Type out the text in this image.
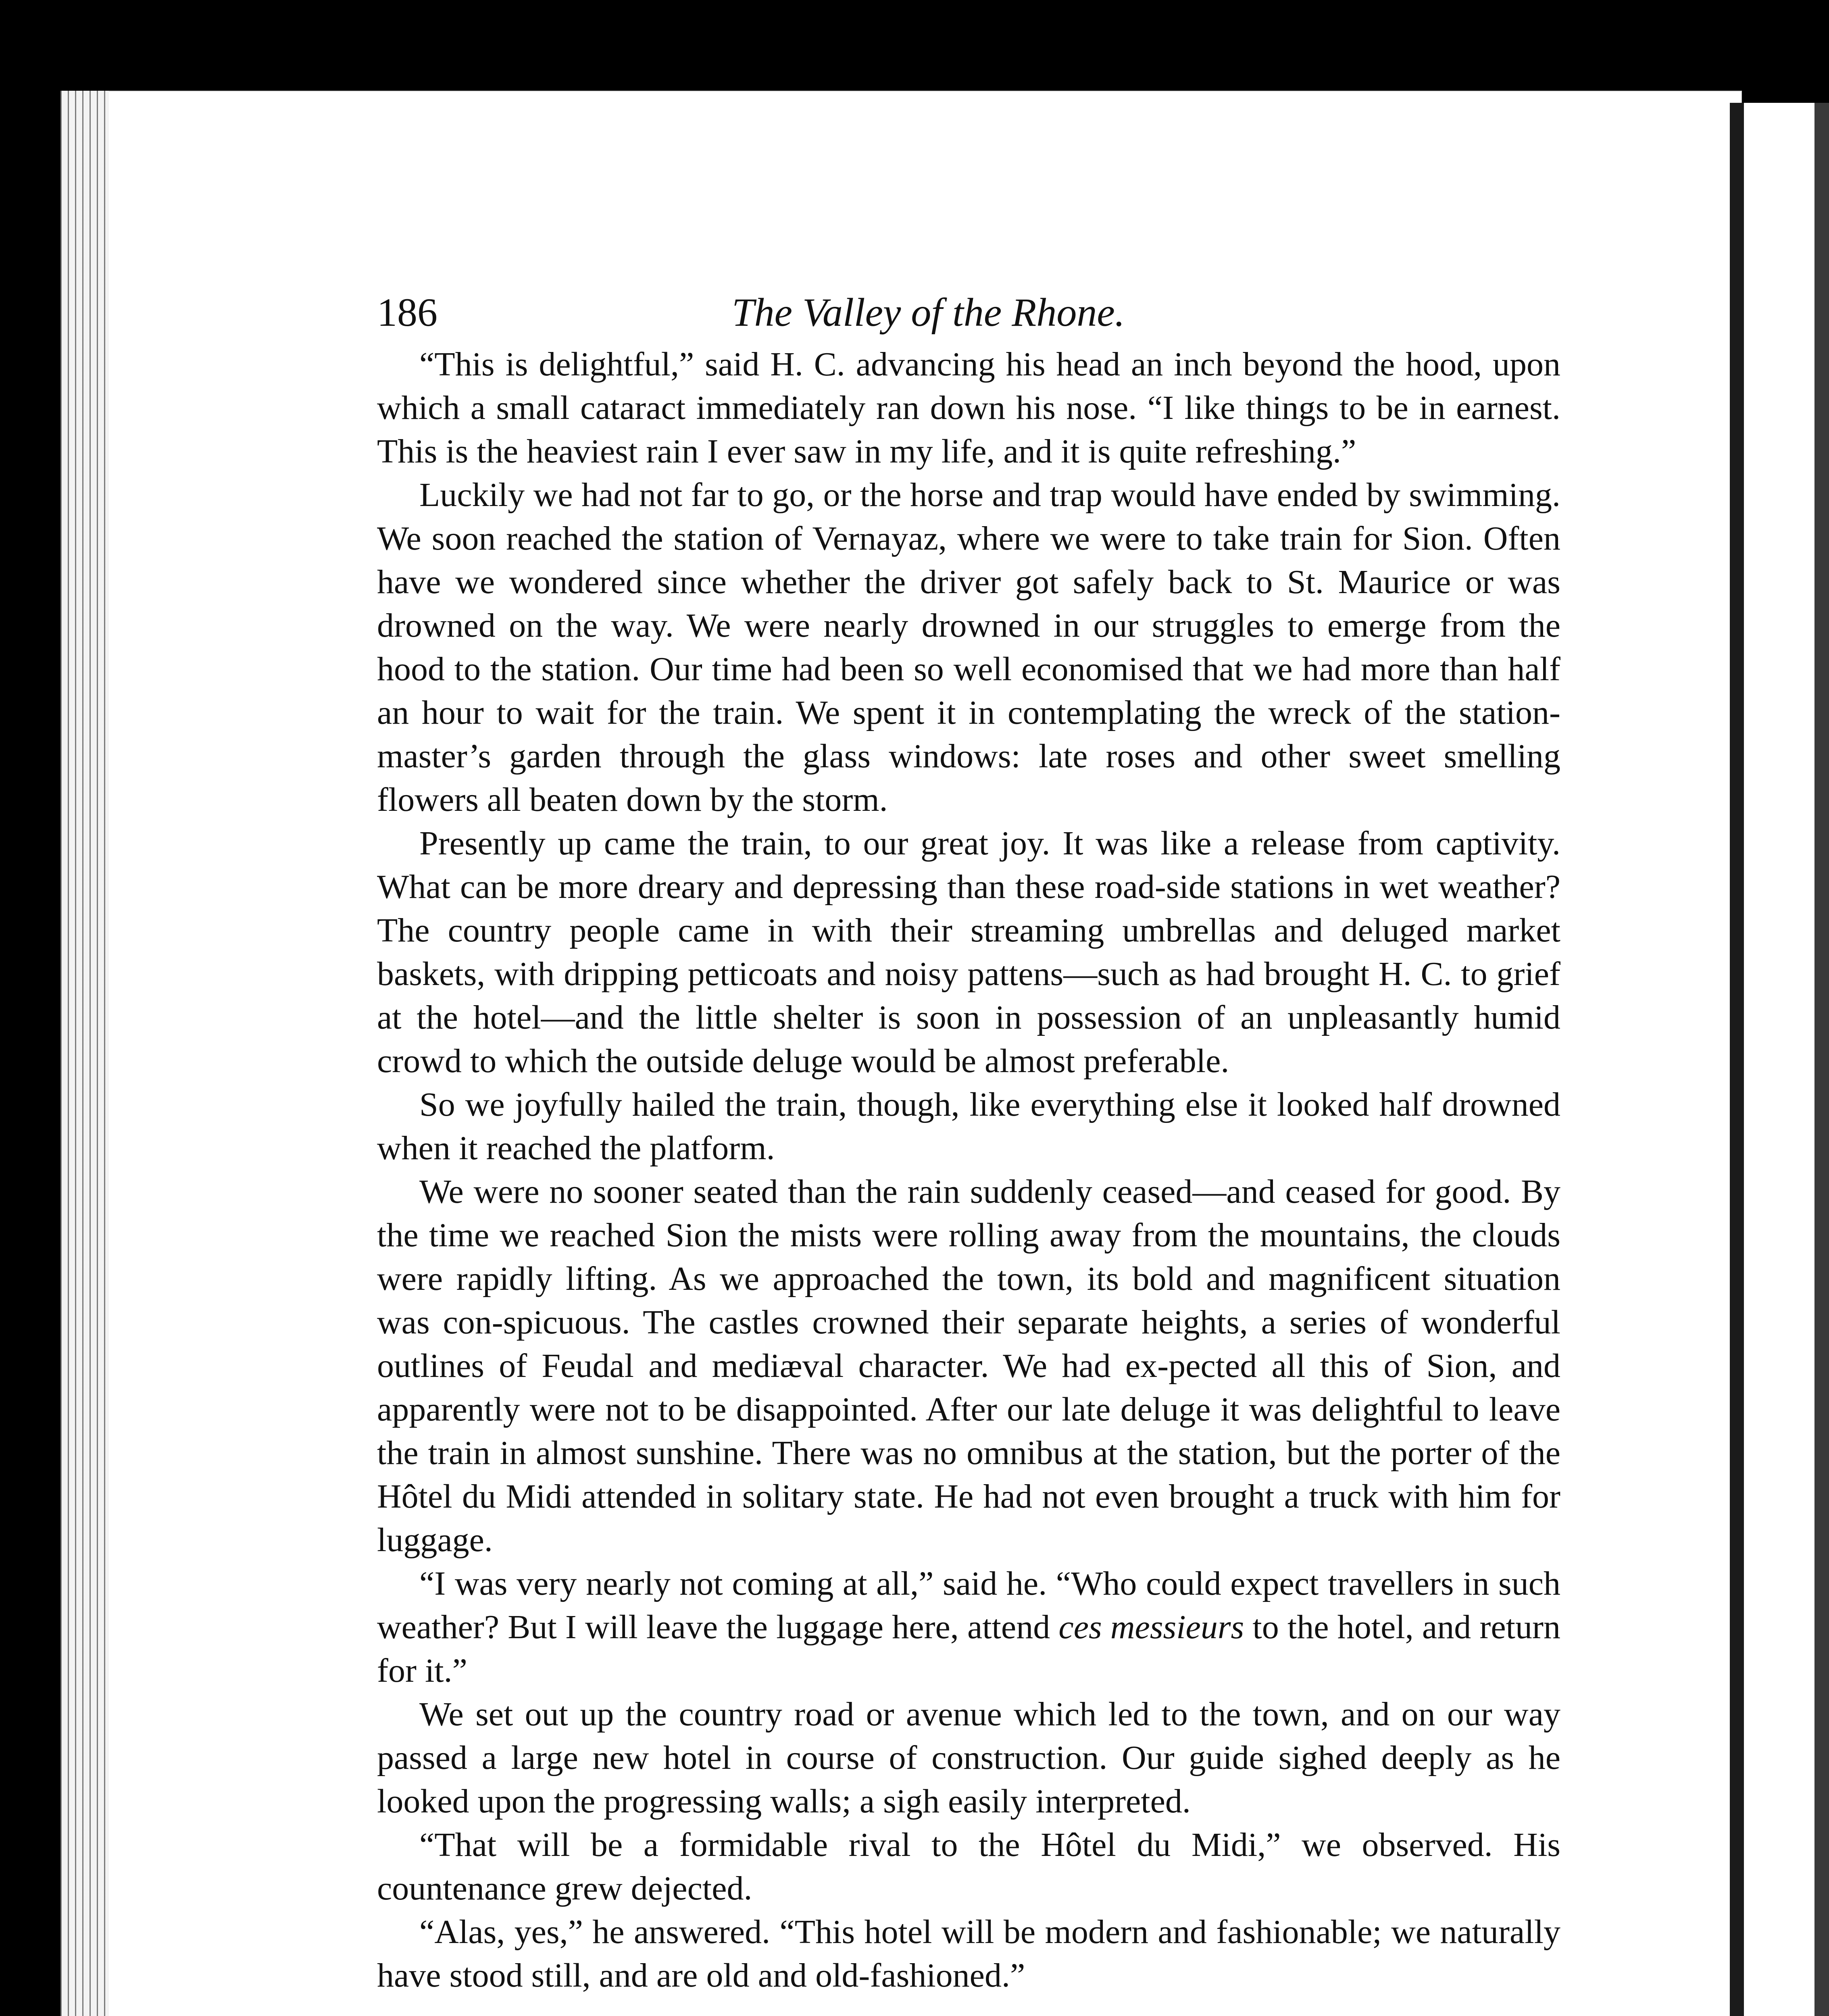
186	The Valley of the Rhone.

“This is delightful,” said H. C. advancing his head an inch beyond the hood, upon which a small cataract immediately ran down his nose. “I like things to be in earnest. This is the heaviest rain I ever saw in my life, and it is quite refreshing.”

Luckily we had not far to go, or the horse and trap would have ended by swimming. We soon reached the station of Vernayaz, where we were to take train for Sion. Often have we wondered since whether the driver got safely back to St. Maurice or was drowned on the way. We were nearly drowned in our struggles to emerge from the hood to the station. Our time had been so well economised that we had more than half an hour to wait for the train. We spent it in contemplating the wreck of the station-master’s garden through the glass windows: late roses and other sweet smelling flowers all beaten down by the storm.

Presently up came the train, to our great joy. It was like a release from captivity. What can be more dreary and depressing than these road-side stations in wet weather? The country people came in with their streaming umbrellas and deluged market baskets, with dripping petticoats and noisy pattens—such as had brought H. C. to grief at the hotel—and the little shelter is soon in possession of an unpleasantly humid crowd to which the outside deluge would be almost preferable.

So we joyfully hailed the train, though, like everything else it looked half drowned when it reached the platform.

We were no sooner seated than the rain suddenly ceased—and ceased for good. By the time we reached Sion the mists were rolling away from the mountains, the clouds were rapidly lifting. As we approached the town, its bold and magnificent situation was con-spicuous. The castles crowned their separate heights, a series of wonderful outlines of Feudal and mediæval character. We had ex-pected all this of Sion, and apparently were not to be disappointed. After our late deluge it was delightful to leave the train in almost sunshine. There was no omnibus at the station, but the porter of the Hôtel du Midi attended in solitary state. He had not even brought a truck with him for luggage.

“I was very nearly not coming at all,” said he. “Who could expect travellers in such weather? But I will leave the luggage here, attend ces messieurs to the hotel, and return for it.”

We set out up the country road or avenue which led to the town, and on our way passed a large new hotel in course of construction. Our guide sighed deeply as he looked upon the progressing walls; a sigh easily interpreted.

“That will be a formidable rival to the Hôtel du Midi,” we observed. His countenance grew dejected.

“Alas, yes,” he answered. “This hotel will be modern and fashionable; we naturally have stood still, and are old and old-fashioned.”
